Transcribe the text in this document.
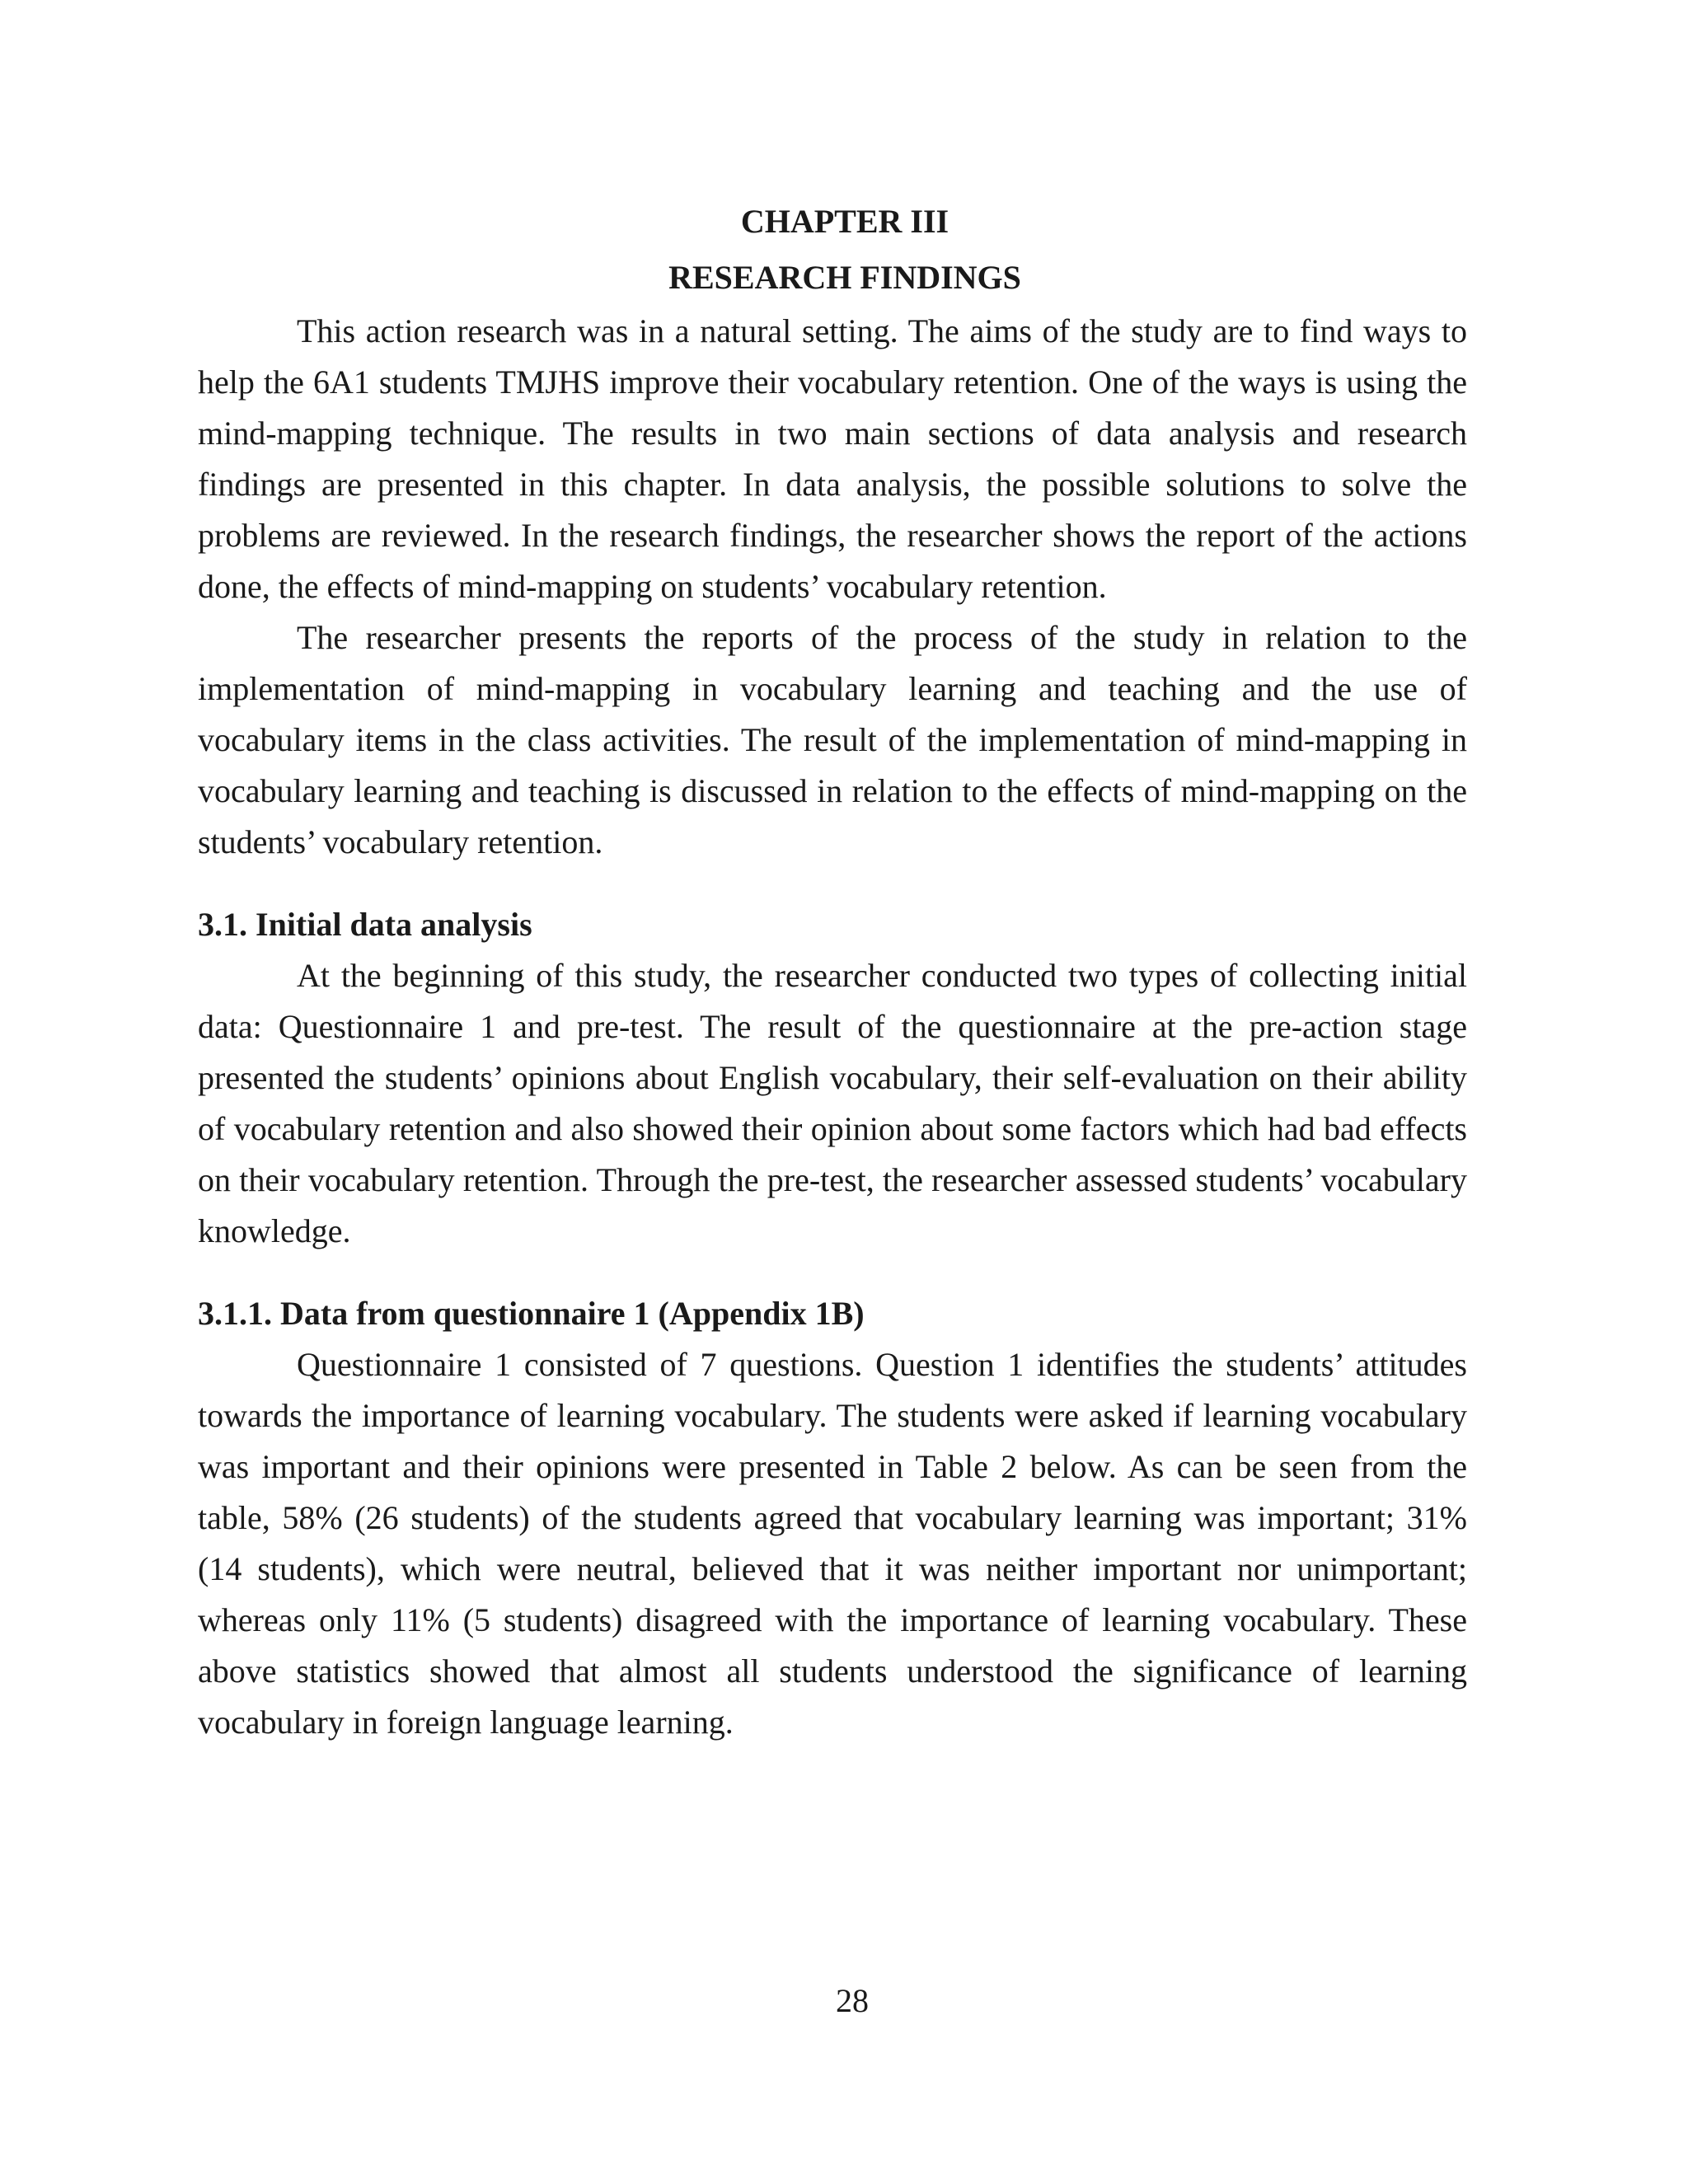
CHAPTER III
RESEARCH FINDINGS

This action research was in a natural setting. The aims of the study are to find ways to help the 6A1 students TMJHS improve their vocabulary retention. One of the ways is using the mind-mapping technique. The results in two main sections of data analysis and research findings are presented in this chapter. In data analysis, the possible solutions to solve the problems are reviewed. In the research findings, the researcher shows the report of the actions done, the effects of mind-mapping on students’ vocabulary retention.

The researcher presents the reports of the process of the study in relation to the implementation of mind-mapping in vocabulary learning and teaching and the use of vocabulary items in the class activities. The result of the implementation of mind-mapping in vocabulary learning and teaching is discussed in relation to the effects of mind-mapping on the students’ vocabulary retention.

3.1. Initial data analysis

At the beginning of this study, the researcher conducted two types of collecting initial data: Questionnaire 1 and pre-test. The result of the questionnaire at the pre-action stage presented the students’ opinions about English vocabulary, their self-evaluation on their ability of vocabulary retention and also showed their opinion about some factors which had bad effects on their vocabulary retention. Through the pre-test, the researcher assessed students’ vocabulary knowledge.

3.1.1. Data from questionnaire 1 (Appendix 1B)

Questionnaire 1 consisted of 7 questions. Question 1 identifies the students’ attitudes towards the importance of learning vocabulary. The students were asked if learning vocabulary was important and their opinions were presented in Table 2 below. As can be seen from the table, 58% (26 students) of the students agreed that vocabulary learning was important; 31% (14 students), which were neutral, believed that it was neither important nor unimportant; whereas only 11% (5 students) disagreed with the importance of learning vocabulary. These above statistics showed that almost all students understood the significance of learning vocabulary in foreign language learning.

28
